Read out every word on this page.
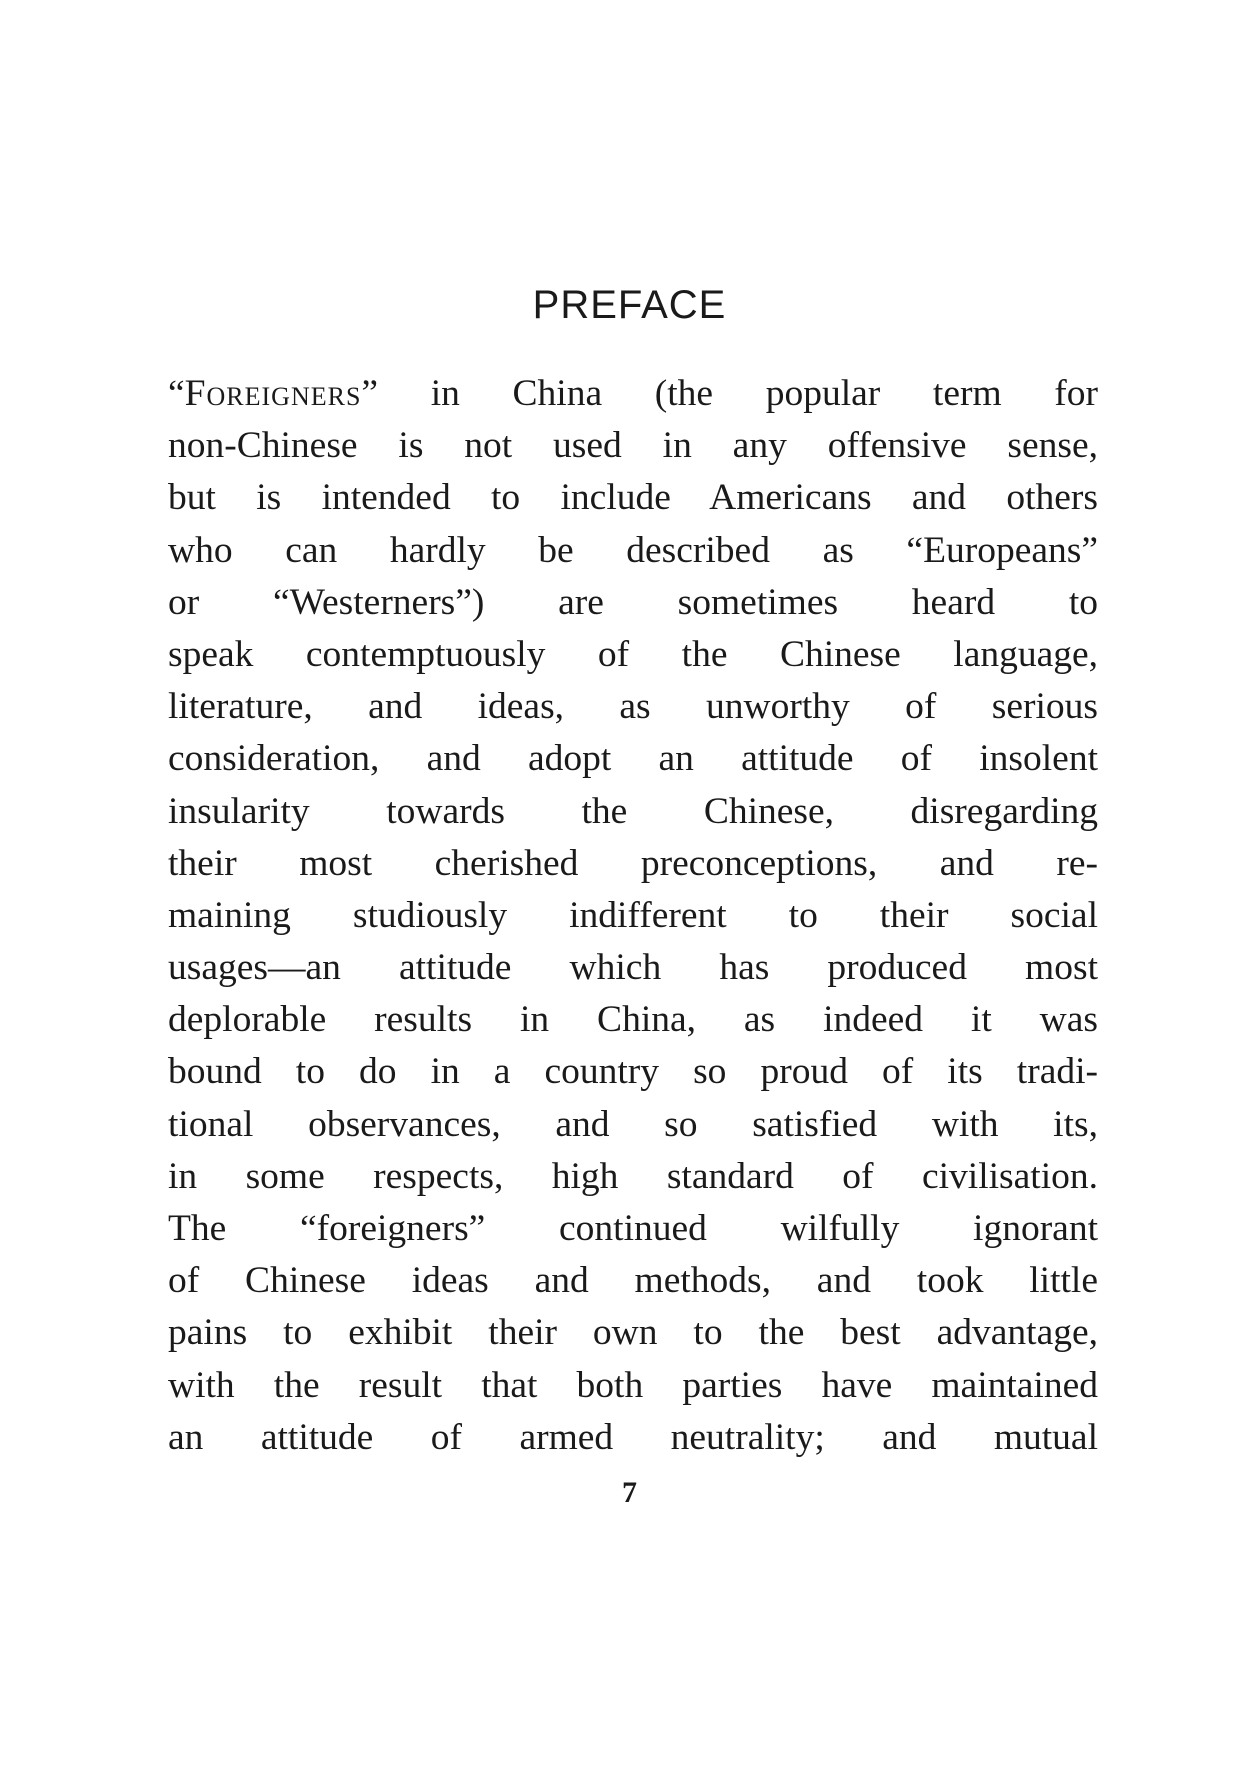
PREFACE
“Foreigners” in China (the popular term for
non-Chinese is not used in any offensive sense,
but is intended to include Americans and others
who can hardly be described as “Europeans”
or “Westerners”) are sometimes heard to
speak contemptuously of the Chinese language,
literature, and ideas, as unworthy of serious
consideration, and adopt an attitude of insolent
insularity towards the Chinese, disregarding
their most cherished preconceptions, and re-
maining studiously indifferent to their social
usages—an attitude which has produced most
deplorable results in China, as indeed it was
bound to do in a country so proud of its tradi-
tional observances, and so satisfied with its,
in some respects, high standard of civilisation.
The “foreigners” continued wilfully ignorant
of Chinese ideas and methods, and took little
pains to exhibit their own to the best advantage,
with the result that both parties have maintained
an attitude of armed neutrality; and mutual
7
